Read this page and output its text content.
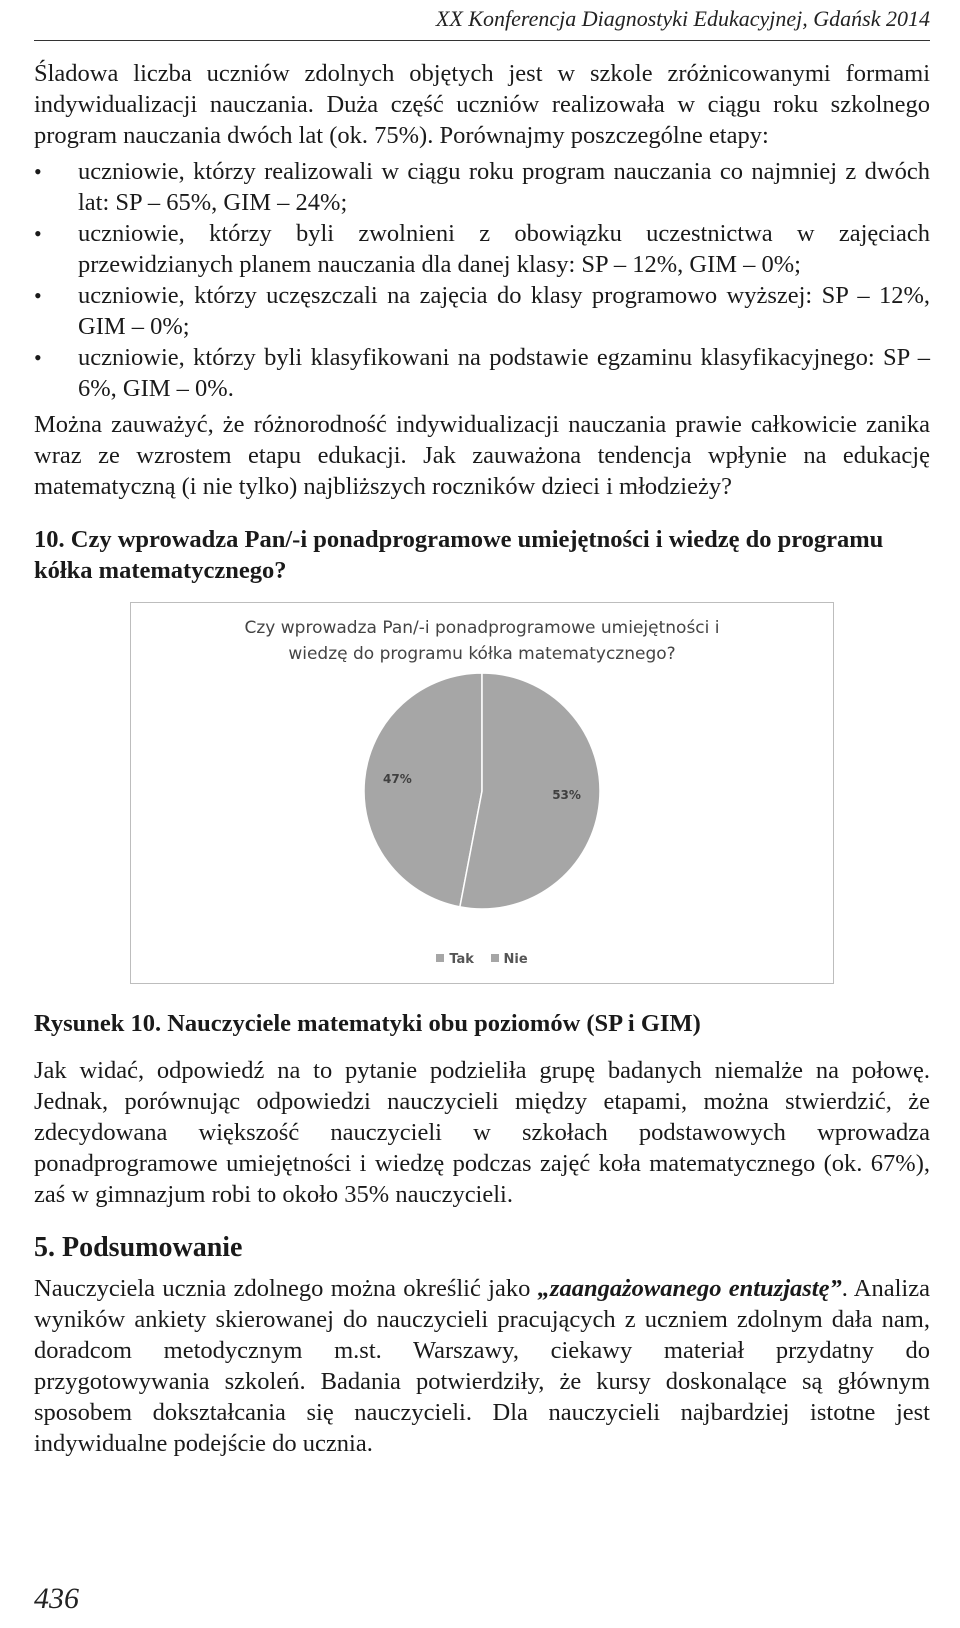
XX Konferencja Diagnostyki Edukacyjnej, Gdańsk 2014

Śladowa liczba uczniów zdolnych objętych jest w szkole zróżnicowanymi formami indywidualizacji nauczania. Duża część uczniów realizowała w ciągu roku szkolnego program nauczania dwóch lat (ok. 75%). Porównajmy poszczególne etapy:

• uczniowie, którzy realizowali w ciągu roku program nauczania co najmniej z dwóch lat: SP – 65%, GIM – 24%;
• uczniowie, którzy byli zwolnieni z obowiązku uczestnictwa w zajęciach przewidzianych planem nauczania dla danej klasy: SP – 12%, GIM – 0%;
• uczniowie, którzy uczęszczali na zajęcia do klasy programowo wyższej: SP – 12%, GIM – 0%;
• uczniowie, którzy byli klasyfikowani na podstawie egzaminu klasyfikacyjnego: SP – 6%, GIM – 0%.

Można zauważyć, że różnorodność indywidualizacji nauczania prawie całkowicie zanika wraz ze wzrostem etapu edukacji. Jak zauważona tendencja wpłynie na edukację matematyczną (i nie tylko) najbliższych roczników dzieci i młodzieży?

10. Czy wprowadza Pan/-i ponadprogramowe umiejętności i wiedzę do programu kółka matematycznego?

Czy wprowadza Pan/-i ponadprogramowe umiejętności i
wiedzę do programu kółka matematycznego?
47%
53%
Tak Nie

Rysunek 10. Nauczyciele matematyki obu poziomów (SP i GIM)

Jak widać, odpowiedź na to pytanie podzieliła grupę badanych niemalże na połowę. Jednak, porównując odpowiedzi nauczycieli między etapami, można stwierdzić, że zdecydowana większość nauczycieli w szkołach podstawowych wprowadza ponadprogramowe umiejętności i wiedzę podczas zajęć koła matematycznego (ok. 67%), zaś w gimnazjum robi to około 35% nauczycieli.

5. Podsumowanie

Nauczyciela ucznia zdolnego można określić jako „zaangażowanego entuzjastę”. Analiza wyników ankiety skierowanej do nauczycieli pracujących z uczniem zdolnym dała nam, doradcom metodycznym m.st. Warszawy, ciekawy materiał przydatny do przygotowywania szkoleń. Badania potwierdziły, że kursy doskonalące są głównym sposobem dokształcania się nauczycieli. Dla nauczycieli najbardziej istotne jest indywidualne podejście do ucznia.

436
